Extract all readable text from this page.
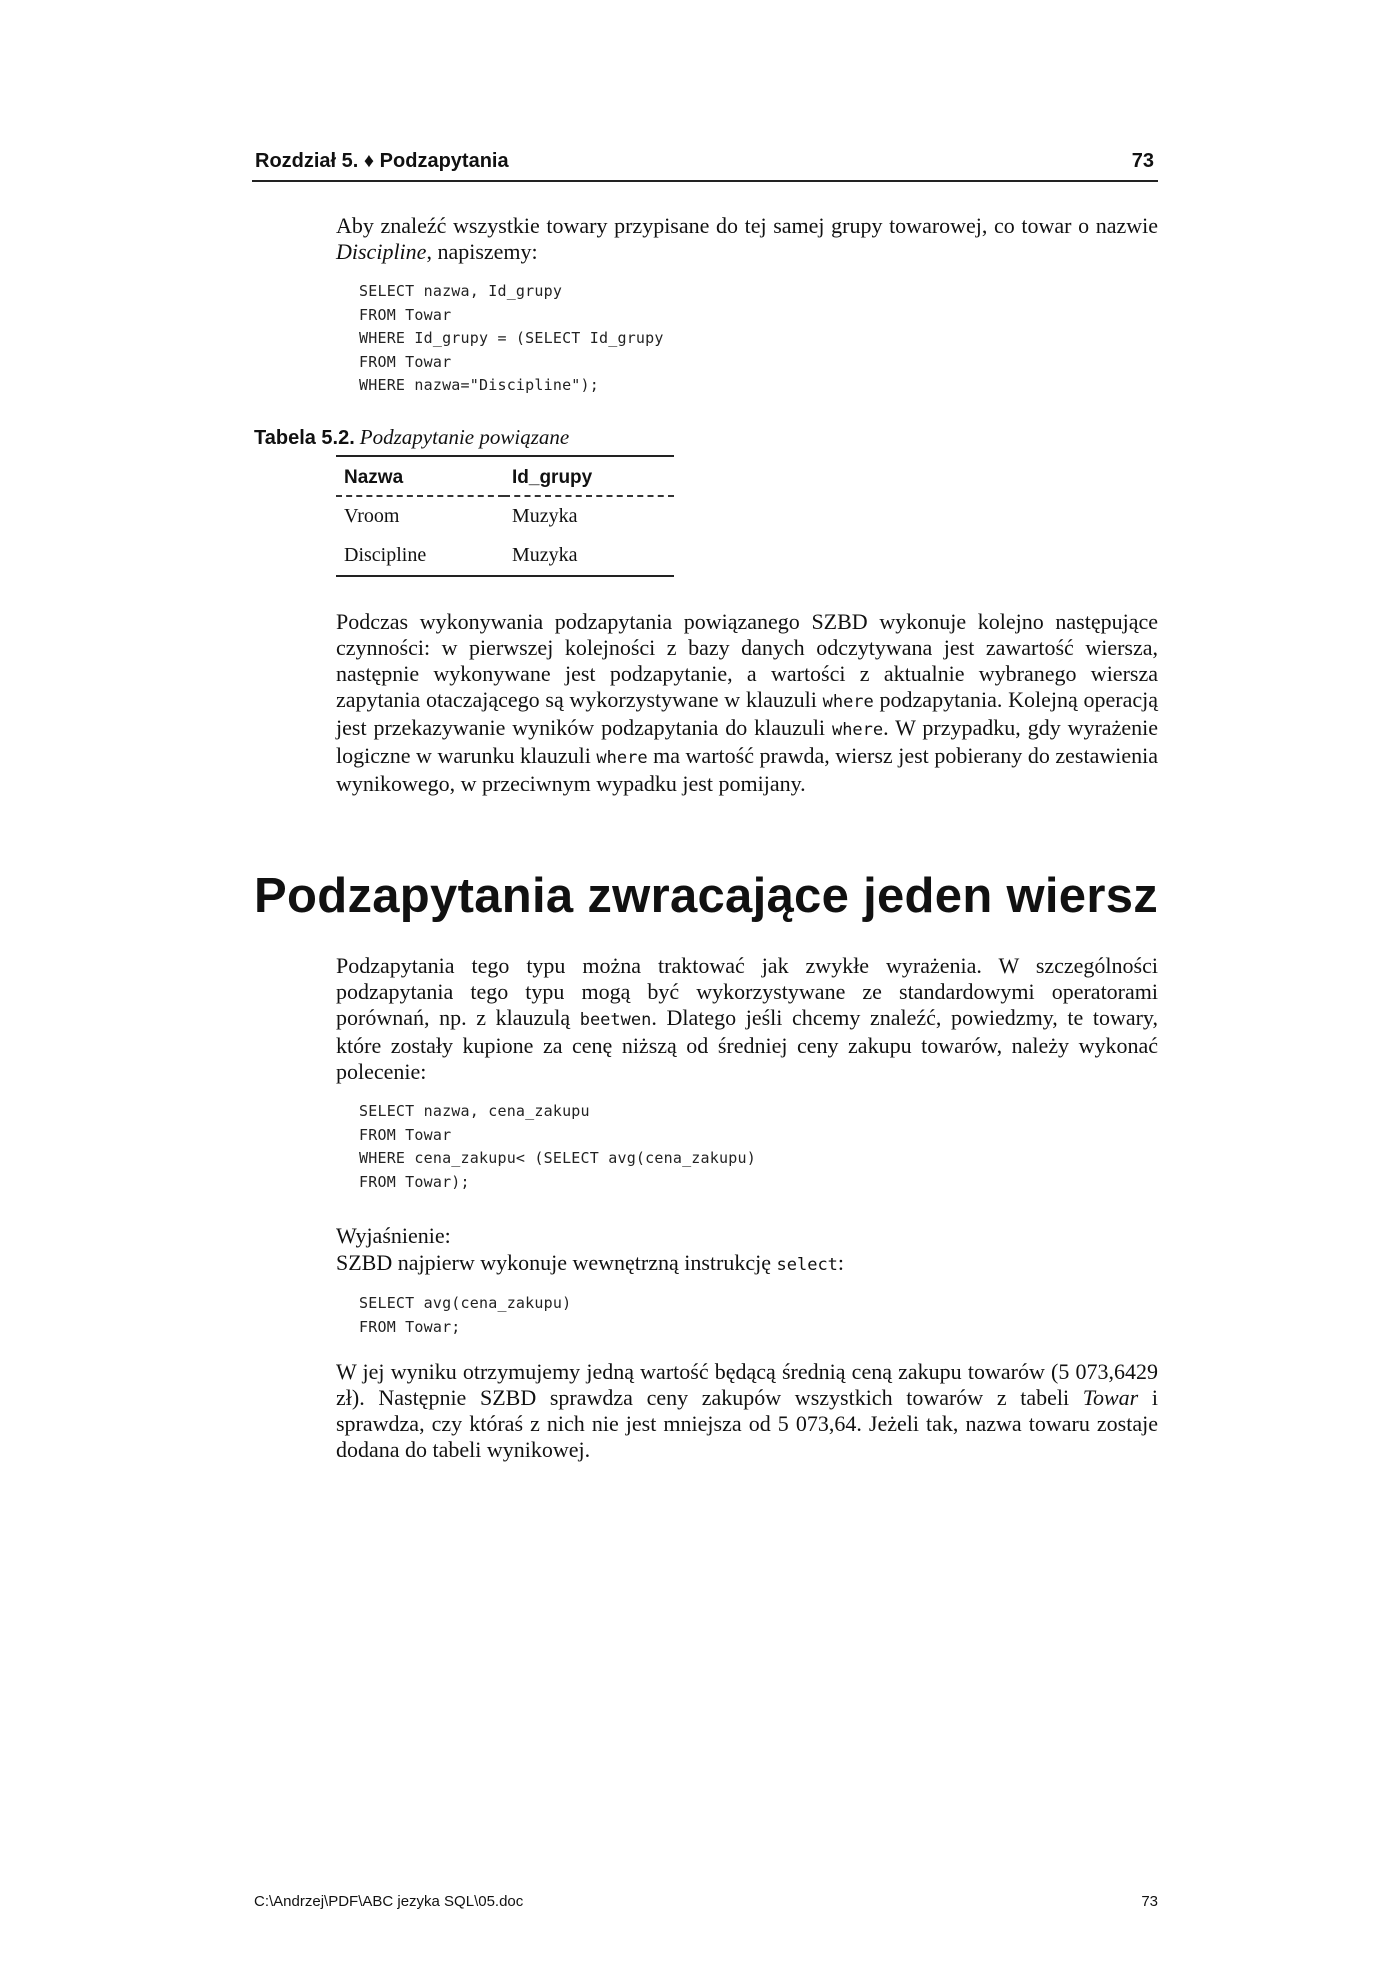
Rozdział 5. ♦ Podzapytania	73

Aby znaleźć wszystkie towary przypisane do tej samej grupy towarowej, co towar o nazwie Discipline, napiszemy:

SELECT nazwa, Id_grupy
FROM Towar
WHERE Id_grupy = (SELECT Id_grupy
FROM Towar
WHERE nazwa="Discipline");
Tabela 5.2. Podzapytanie powiązane
Nazwa	Id_grupy
Vroom	Muzyka
Discipline	Muzyka

Podczas wykonywania podzapytania powiązanego SZBD wykonuje kolejno następujące czynności: w pierwszej kolejności z bazy danych odczytywana jest zawartość wiersza, następnie wykonywane jest podzapytanie, a wartości z aktualnie wybranego wiersza zapytania otaczającego są wykorzystywane w klauzuli where podzapytania. Kolejną operacją jest przekazywanie wyników podzapytania do klauzuli where. W przypadku, gdy wyrażenie logiczne w warunku klauzuli where ma wartość prawda, wiersz jest pobierany do zestawienia wynikowego, w przeciwnym wypadku jest pomijany.

Podzapytania zwracające jeden wiersz

Podzapytania tego typu można traktować jak zwykłe wyrażenia. W szczególności podzapytania tego typu mogą być wykorzystywane ze standardowymi operatorami porównań, np. z klauzulą beetwen. Dlatego jeśli chcemy znaleźć, powiedzmy, te towary, które zostały kupione za cenę niższą od średniej ceny zakupu towarów, należy wykonać polecenie:

SELECT nazwa, cena_zakupu
FROM Towar
WHERE cena_zakupu< (SELECT avg(cena_zakupu)
FROM Towar);

Wyjaśnienie:

SZBD najpierw wykonuje wewnętrzną instrukcję select:

SELECT avg(cena_zakupu)
FROM Towar;

W jej wyniku otrzymujemy jedną wartość będącą średnią ceną zakupu towarów (5 073,6429 zł). Następnie SZBD sprawdza ceny zakupów wszystkich towarów z tabeli Towar i sprawdza, czy któraś z nich nie jest mniejsza od 5 073,64. Jeżeli tak, nazwa towaru zostaje dodana do tabeli wynikowej.

C:\Andrzej\PDF\ABC jezyka SQL\05.doc	73
